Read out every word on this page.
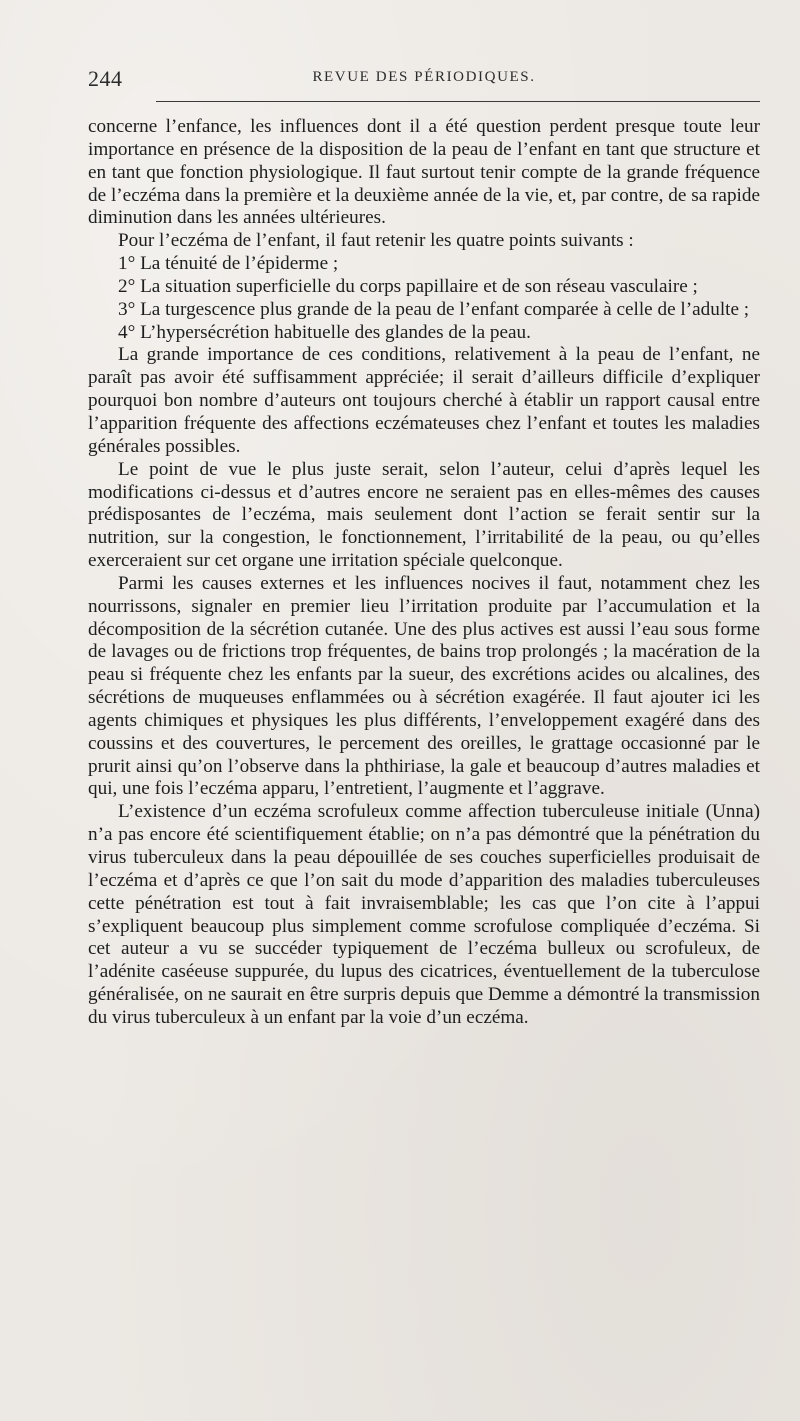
244	REVUE DES PÉRIODIQUES.

concerne l’enfance, les influences dont il a été question perdent presque toute leur importance en présence de la disposition de la peau de l’enfant en tant que structure et en tant que fonction physiologique. Il faut surtout tenir compte de la grande fréquence de l’eczéma dans la première et la deuxième année de la vie, et, par contre, de sa rapide diminution dans les années ultérieures.

Pour l’eczéma de l’enfant, il faut retenir les quatre points suivants :

1° La ténuité de l’épiderme ;

2° La situation superficielle du corps papillaire et de son réseau vasculaire ;

3° La turgescence plus grande de la peau de l’enfant comparée à celle de l’adulte ;

4° L’hypersécrétion habituelle des glandes de la peau.

La grande importance de ces conditions, relativement à la peau de l’enfant, ne paraît pas avoir été suffisamment appréciée; il serait d’ailleurs difficile d’expliquer pourquoi bon nombre d’auteurs ont toujours cherché à établir un rapport causal entre l’apparition fréquente des affections eczémateuses chez l’enfant et toutes les maladies générales possibles.

Le point de vue le plus juste serait, selon l’auteur, celui d’après lequel les modifications ci-dessus et d’autres encore ne seraient pas en elles-mêmes des causes prédisposantes de l’eczéma, mais seulement dont l’action se ferait sentir sur la nutrition, sur la congestion, le fonctionnement, l’irritabilité de la peau, ou qu’elles exerceraient sur cet organe une irritation spéciale quelconque.

Parmi les causes externes et les influences nocives il faut, notamment chez les nourrissons, signaler en premier lieu l’irritation produite par l’accumulation et la décomposition de la sécrétion cutanée. Une des plus actives est aussi l’eau sous forme de lavages ou de frictions trop fréquentes, de bains trop prolongés ; la macération de la peau si fréquente chez les enfants par la sueur, des excrétions acides ou alcalines, des sécrétions de muqueuses enflammées ou à sécrétion exagérée. Il faut ajouter ici les agents chimiques et physiques les plus différents, l’enveloppement exagéré dans des coussins et des couvertures, le percement des oreilles, le grattage occasionné par le prurit ainsi qu’on l’observe dans la phthiriase, la gale et beaucoup d’autres maladies et qui, une fois l’eczéma apparu, l’entretient, l’augmente et l’aggrave.

L’existence d’un eczéma scrofuleux comme affection tuberculeuse initiale (Unna) n’a pas encore été scientifiquement établie; on n’a pas démontré que la pénétration du virus tuberculeux dans la peau dépouillée de ses couches superficielles produisait de l’eczéma et d’après ce que l’on sait du mode d’apparition des maladies tuberculeuses cette pénétration est tout à fait invraisemblable; les cas que l’on cite à l’appui s’expliquent beaucoup plus simplement comme scrofulose compliquée d’eczéma. Si cet auteur a vu se succéder typiquement de l’eczéma bulleux ou scrofuleux, de l’adénite caséeuse suppurée, du lupus des cicatrices, éventuellement de la tuberculose généralisée, on ne saurait en être surpris depuis que Demme a démontré la transmission du virus tuberculeux à un enfant par la voie d’un eczéma.
